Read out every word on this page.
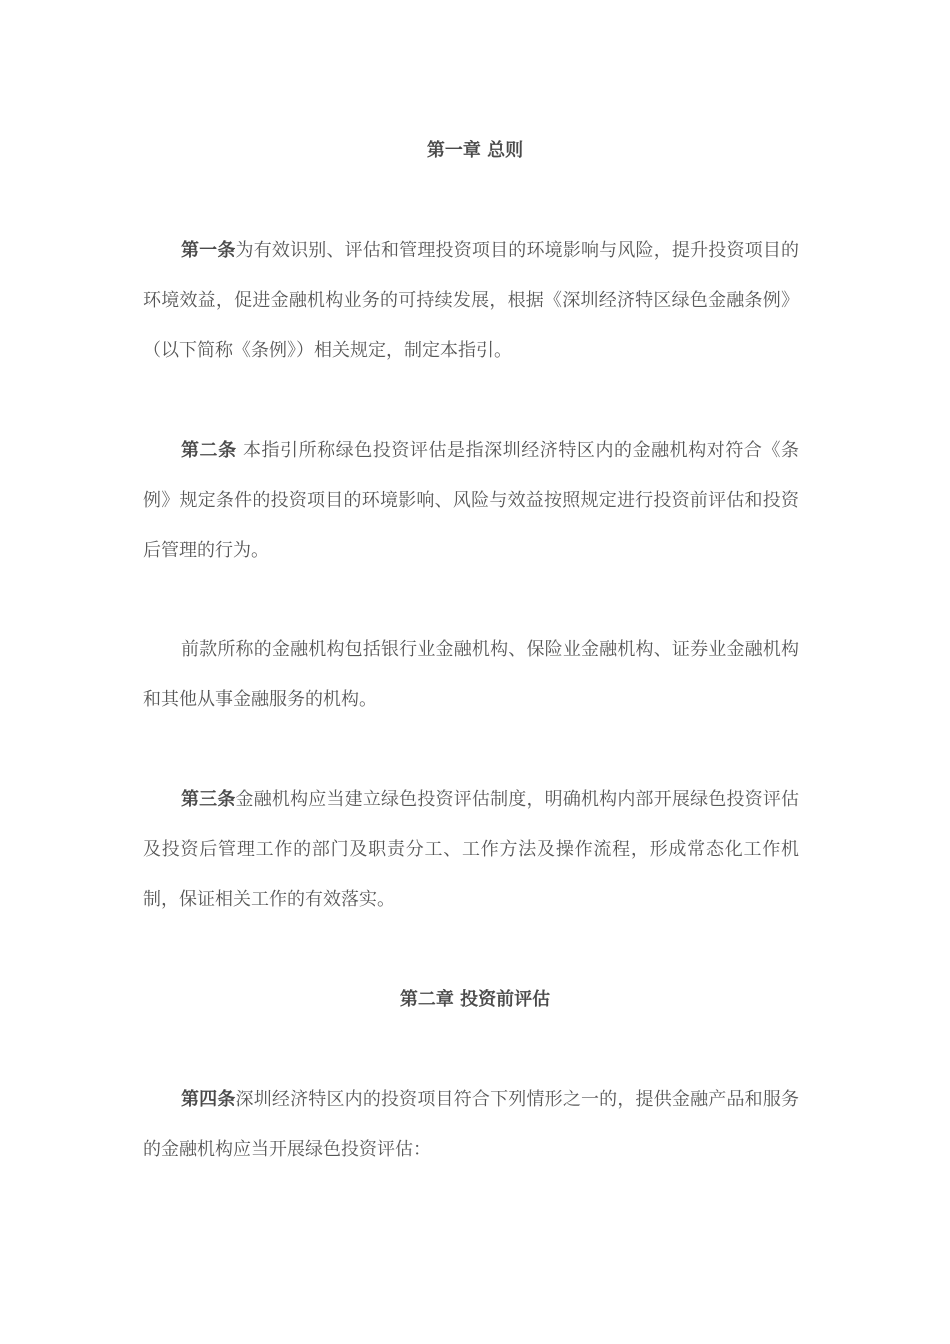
第一章 总则

第一条为有效识别、评估和管理投资项目的环境影响与风险，提升投资项目的环境效益，促进金融机构业务的可持续发展，根据《深圳经济特区绿色金融条例》（以下简称《条例》）相关规定，制定本指引。

第二条 本指引所称绿色投资评估是指深圳经济特区内的金融机构对符合《条例》规定条件的投资项目的环境影响、风险与效益按照规定进行投资前评估和投资后管理的行为。

前款所称的金融机构包括银行业金融机构、保险业金融机构、证券业金融机构和其他从事金融服务的机构。

第三条金融机构应当建立绿色投资评估制度，明确机构内部开展绿色投资评估及投资后管理工作的部门及职责分工、工作方法及操作流程，形成常态化工作机制，保证相关工作的有效落实。

第二章 投资前评估

第四条深圳经济特区内的投资项目符合下列情形之一的，提供金融产品和服务的金融机构应当开展绿色投资评估：
